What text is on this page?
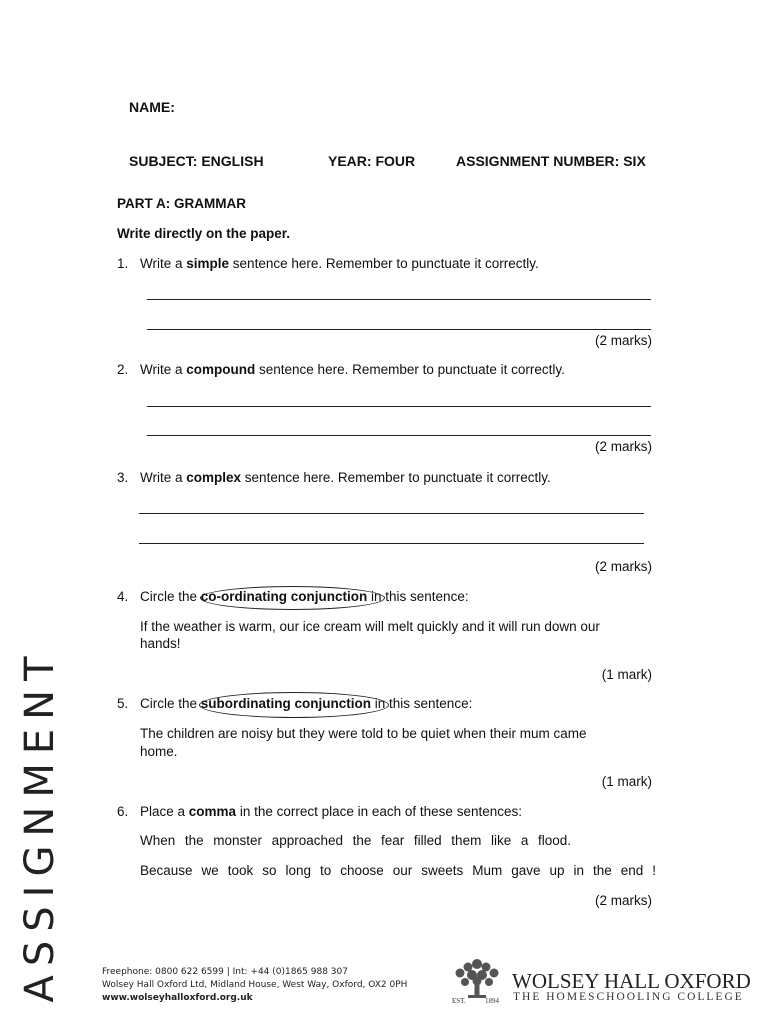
NAME:
SUBJECT: ENGLISH	YEAR: FOUR	ASSIGNMENT NUMBER: SIX
PART A: GRAMMAR
Write directly on the paper.
1. Write a simple sentence here. Remember to punctuate it correctly.
(2 marks)
2. Write a compound sentence here. Remember to punctuate it correctly.
(2 marks)
3. Write a complex sentence here. Remember to punctuate it correctly.
(2 marks)
4. Circle the co-ordinating conjunction in this sentence:
If the weather is warm, our ice cream will melt quickly and it will run down our
hands!
(1 mark)
5. Circle the subordinating conjunction in this sentence:
The children are noisy but they were told to be quiet when their mum came
home.
(1 mark)
6. Place a comma in the correct place in each of these sentences:
When the monster approached the fear filled them like a flood.
Because we took so long to choose our sweets Mum gave up in the end !
(2 marks)
ASSIGNMENT	Freephone: 0800 622 6599 | Int: +44 (0)1865 988 307
Wolsey Hall Oxford Ltd, Midland House, West Way, Oxford, OX2 0PH
www.wolseyhalloxford.org.uk	EST.	1894
WOLSEY HALL OXFORD
THE HOMESCHOOLING COLLEGE
